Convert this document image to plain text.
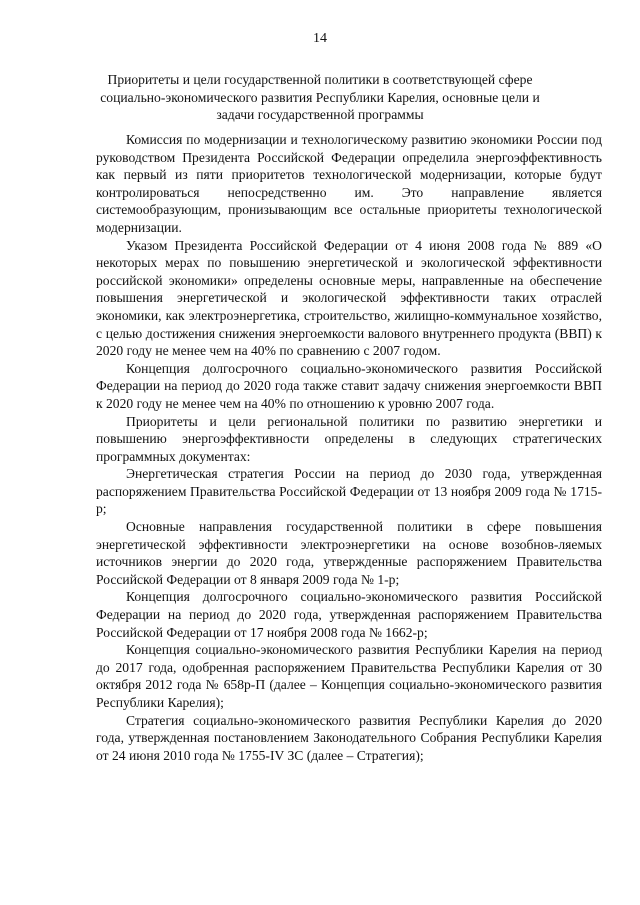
14
Приоритеты и цели государственной политики в соответствующей сфере социально-экономического развития Республики Карелия, основные цели и задачи государственной программы

Комиссия по модернизации и технологическому развитию экономики России под руководством Президента Российской Федерации определила энергоэффективность как первый из пяти приоритетов технологической модернизации, которые будут контролироваться непосредственно им. Это направление является системообразующим, пронизывающим все остальные приоритеты технологической модернизации.

Указом Президента Российской Федерации от 4 июня 2008 года № 889 «О некоторых мерах по повышению энергетической и экологической эффективности российской экономики» определены основные меры, направленные на обеспечение повышения энергетической и экологической эффективности таких отраслей экономики, как электроэнергетика, строительство, жилищно-коммунальное хозяйство, с целью достижения снижения энергоемкости валового внутреннего продукта (ВВП) к 2020 году не менее чем на 40% по сравнению с 2007 годом.

Концепция долгосрочного социально-экономического развития Российской Федерации на период до 2020 года также ставит задачу снижения энергоемкости ВВП к 2020 году не менее чем на 40% по отношению к уровню 2007 года.

Приоритеты и цели региональной политики по развитию энергетики и повышению энергоэффективности определены в следующих стратегических программных документах:

Энергетическая стратегия России на период до 2030 года, утвержденная распоряжением Правительства Российской Федерации от 13 ноября 2009 года № 1715-р;

Основные направления государственной политики в сфере повышения энергетической эффективности электроэнергетики на основе возобнов-ляемых источников энергии до 2020 года, утвержденные распоряжением Правительства Российской Федерации от 8 января 2009 года № 1-р;

Концепция долгосрочного социально-экономического развития Российской Федерации на период до 2020 года, утвержденная распоряжением Правительства Российской Федерации от 17 ноября 2008 года № 1662-р;

Концепция социально-экономического развития Республики Карелия на период до 2017 года, одобренная распоряжением Правительства Республики Карелия от 30 октября 2012 года № 658р-П (далее – Концепция социально-экономического развития Республики Карелия);

Стратегия социально-экономического развития Республики Карелия до 2020 года, утвержденная постановлением Законодательного Собрания Республики Карелия от 24 июня 2010 года № 1755-IV ЗС (далее – Стратегия);
